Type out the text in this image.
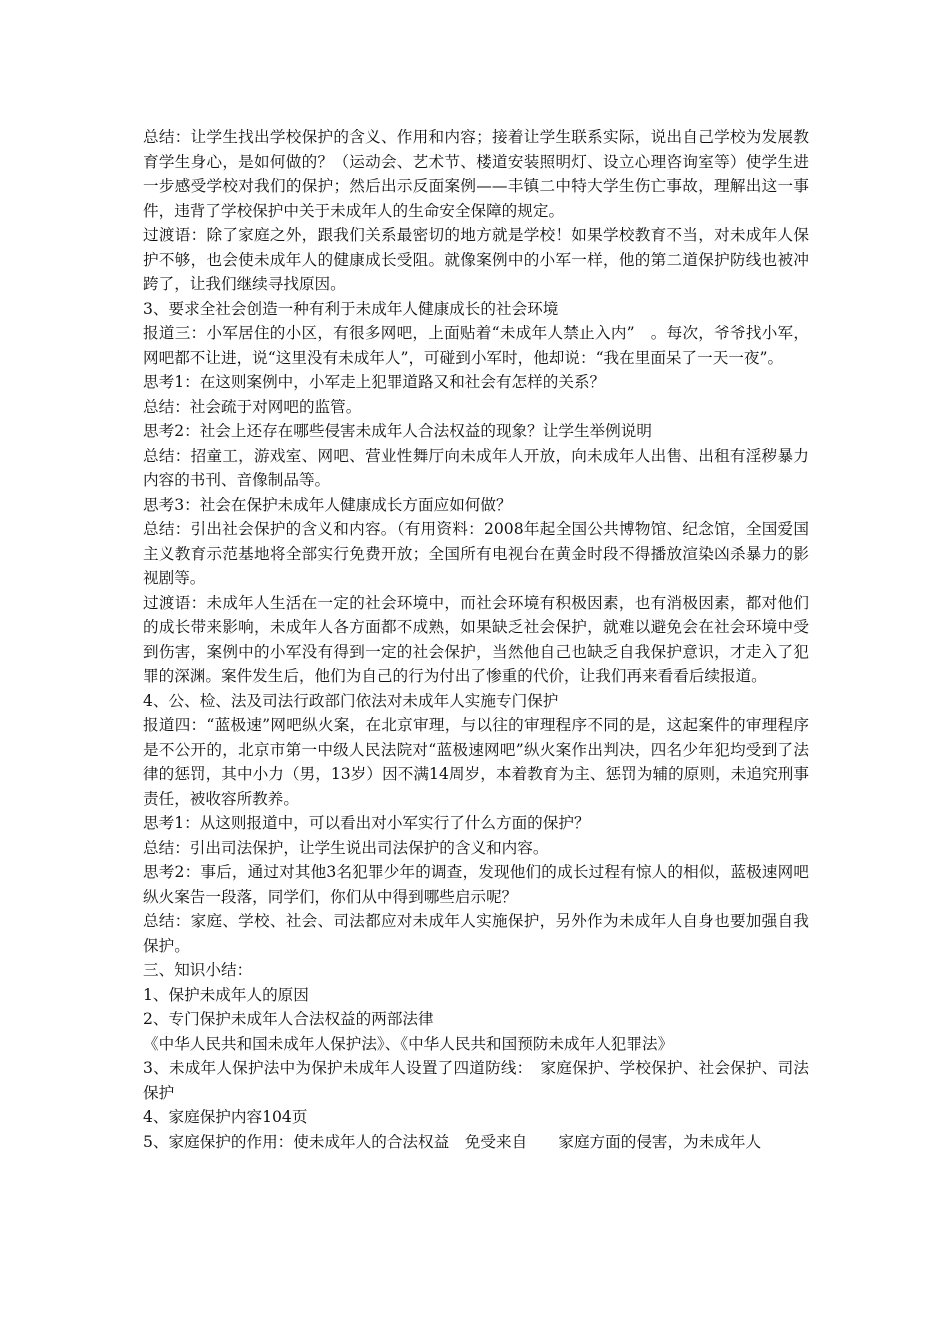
总结：让学生找出学校保护的含义、作用和内容；接着让学生联系实际，说出自己学校为发展教育学生身心，是如何做的？（运动会、艺术节、楼道安装照明灯、设立心理咨询室等）使学生进一步感受学校对我们的保护；然后出示反面案例——丰镇二中特大学生伤亡事故，理解出这一事件，违背了学校保护中关于未成年人的生命安全保障的规定。

过渡语：除了家庭之外，跟我们关系最密切的地方就是学校！如果学校教育不当，对未成年人保护不够，也会使未成年人的健康成长受阻。就像案例中的小军一样，他的第二道保护防线也被冲跨了，让我们继续寻找原因。

3、要求全社会创造一种有利于未成年人健康成长的社会环境

报道三：小军居住的小区，有很多网吧，上面贴着“未成年人禁止入内”　。每次，爷爷找小军，网吧都不让进，说“这里没有未成年人”，可碰到小军时，他却说：“我在里面呆了一天一夜”。

思考1：在这则案例中，小军走上犯罪道路又和社会有怎样的关系？

总结：社会疏于对网吧的监管。

思考2：社会上还存在哪些侵害未成年人合法权益的现象？让学生举例说明

总结：招童工，游戏室、网吧、营业性舞厅向未成年人开放，向未成年人出售、出租有淫秽暴力内容的书刊、音像制品等。

思考3：社会在保护未成年人健康成长方面应如何做？

总结：引出社会保护的含义和内容。（有用资料：2008年起全国公共博物馆、纪念馆，全国爱国主义教育示范基地将全部实行免费开放；全国所有电视台在黄金时段不得播放渲染凶杀暴力的影视剧等。

过渡语：未成年人生活在一定的社会环境中，而社会环境有积极因素，也有消极因素，都对他们的成长带来影响，未成年人各方面都不成熟，如果缺乏社会保护，就难以避免会在社会环境中受到伤害，案例中的小军没有得到一定的社会保护，当然他自己也缺乏自我保护意识，才走入了犯罪的深渊。案件发生后，他们为自己的行为付出了惨重的代价，让我们再来看看后续报道。

4、公、检、法及司法行政部门依法对未成年人实施专门保护

报道四：“蓝极速”网吧纵火案，在北京审理，与以往的审理程序不同的是，这起案件的审理程序是不公开的，北京市第一中级人民法院对“蓝极速网吧”纵火案作出判决，四名少年犯均受到了法律的惩罚，其中小力（男，13岁）因不满14周岁，本着教育为主、惩罚为辅的原则，未追究刑事责任，被收容所教养。

思考1：从这则报道中，可以看出对小军实行了什么方面的保护？

总结：引出司法保护，让学生说出司法保护的含义和内容。

思考2：事后，通过对其他3名犯罪少年的调查，发现他们的成长过程有惊人的相似，蓝极速网吧纵火案告一段落，同学们，你们从中得到哪些启示呢？

总结：家庭、学校、社会、司法都应对未成年人实施保护，另外作为未成年人自身也要加强自我保护。

三、知识小结：

1、保护未成年人的原因

2、专门保护未成年人合法权益的两部法律

《中华人民共和国未成年人保护法》、《中华人民共和国预防未成年人犯罪法》

3、未成年人保护法中为保护未成年人设置了四道防线：　家庭保护、学校保护、社会保护、司法保护

4、家庭保护内容104页

5、家庭保护的作用：使未成年人的合法权益　免受来自　　家庭方面的侵害，为未成年人
